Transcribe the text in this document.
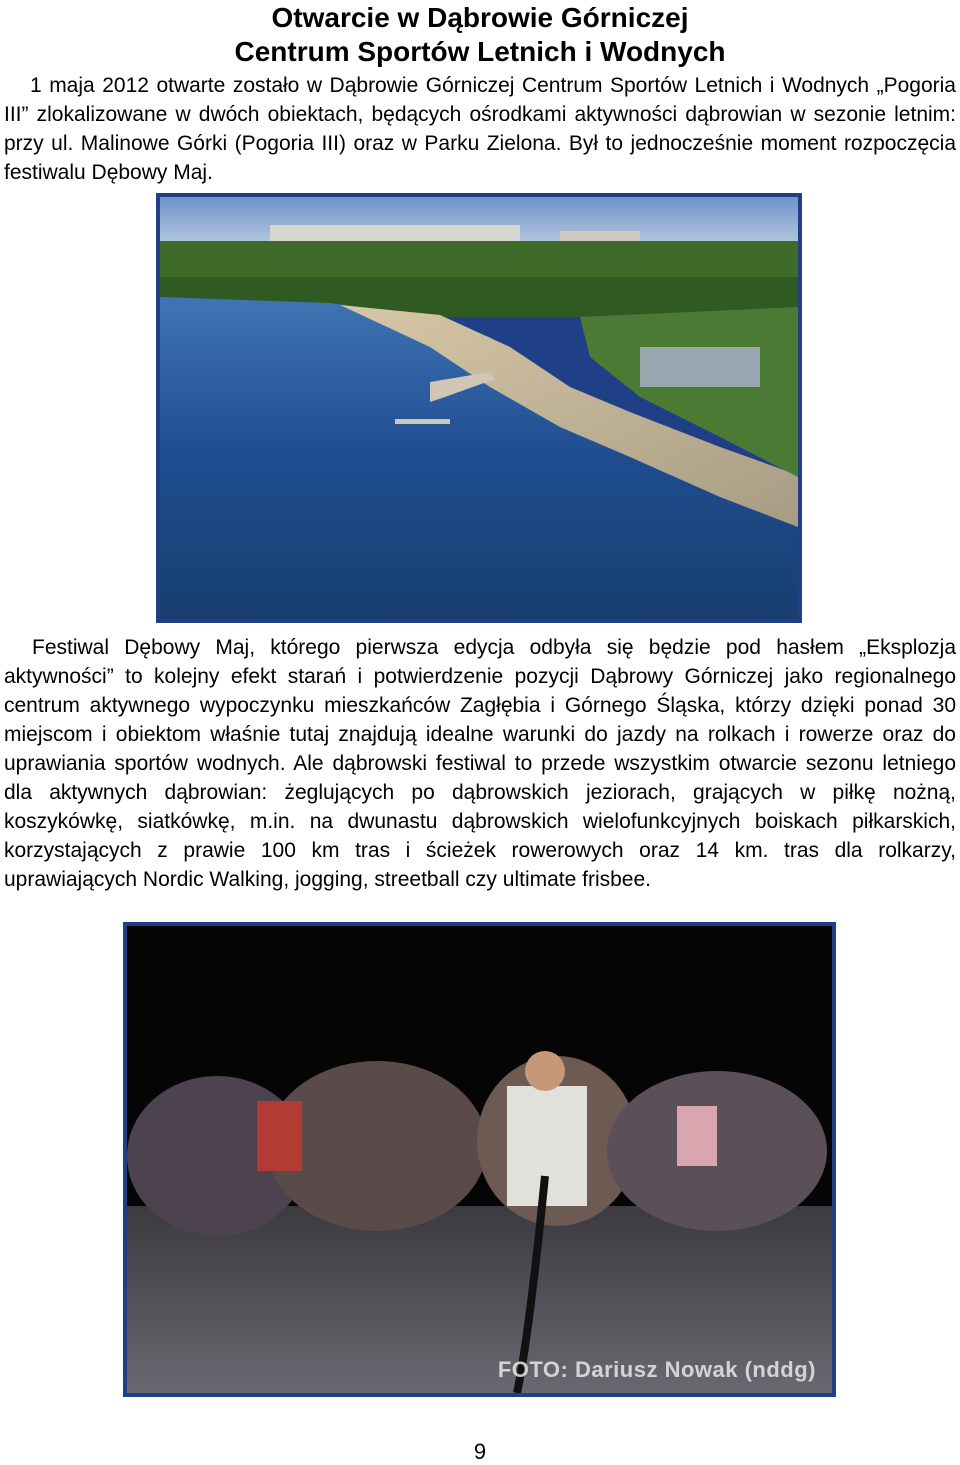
Otwarcie w Dąbrowie Górniczej
Centrum Sportów Letnich i Wodnych

1 maja 2012 otwarte zostało w Dąbrowie Górniczej Centrum Sportów Letnich i Wodnych „Pogoria III” zlokalizowane w dwóch obiektach, będących ośrodkami aktywności dąbrowian w sezonie letnim: przy ul. Malinowe Górki (Pogoria III) oraz w Parku Zielona. Był to jednocześnie moment rozpoczęcia festiwalu Dębowy Maj.

Festiwal Dębowy Maj, którego pierwsza edycja odbyła się będzie pod hasłem „Eksplozja aktywności” to kolejny efekt starań i potwierdzenie pozycji Dąbrowy Górniczej jako regionalnego centrum aktywnego wypoczynku mieszkańców Zagłębia i Górnego Śląska, którzy dzięki ponad 30 miejscom i obiektom właśnie tutaj znajdują idealne warunki do jazdy na rolkach i rowerze oraz do uprawiania sportów wodnych. Ale dąbrowski festiwal to przede wszystkim otwarcie sezonu letniego dla aktywnych dąbrowian: żeglujących po dąbrowskich jeziorach, grających w piłkę nożną, koszykówkę, siatkówkę, m.in. na dwunastu dąbrowskich wielofunkcyjnych boiskach piłkarskich, korzystających z prawie 100 km tras i ścieżek rowerowych oraz 14 km. tras dla rolkarzy, uprawiających Nordic Walking, jogging, streetball czy ultimate frisbee.

FOTO: Dariusz Nowak (nddg)
9
